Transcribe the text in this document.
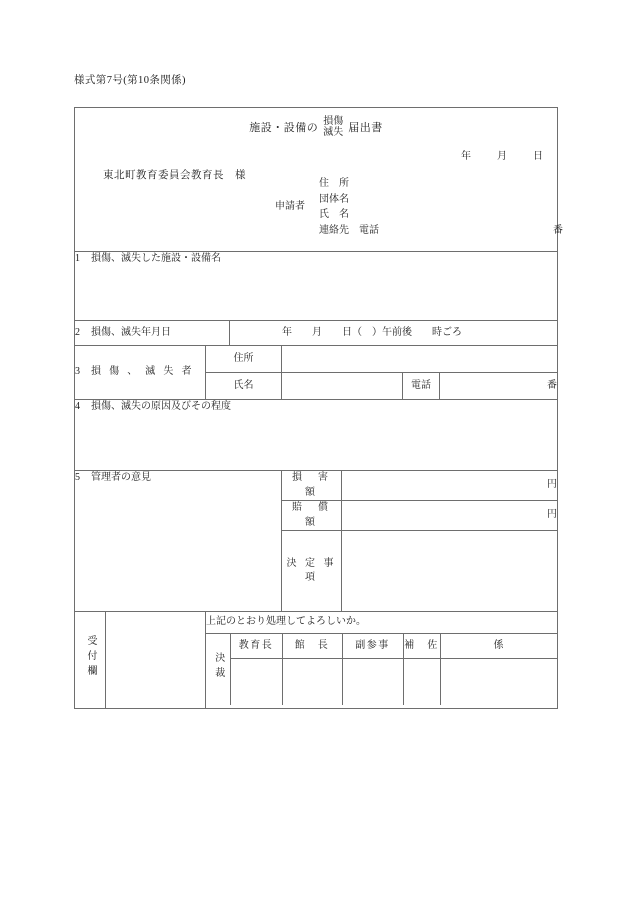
様式第7号(第10条関係)
施設・設備の
損傷
滅失 届出書
年	月	日
東北町教育委員会教育長　様
申請者
住　所
団体名
氏　名
連絡先　電話	番

1 損傷、滅失した施設・設備名
2 損傷、滅失年月日	年　　月　　日（　）午前後　　時ごろ

3 損 傷 、 滅 失 者	住所	
氏名		電話	番
4 損傷、滅失の原因及びその程度
5 管理者の意見	損　害　額	円
賠　償　額	円
決 定 事 項	
受付欄		
上記のとおり処理してよろしいか。
決裁	教育長	館　長	副参事	補　佐	係
